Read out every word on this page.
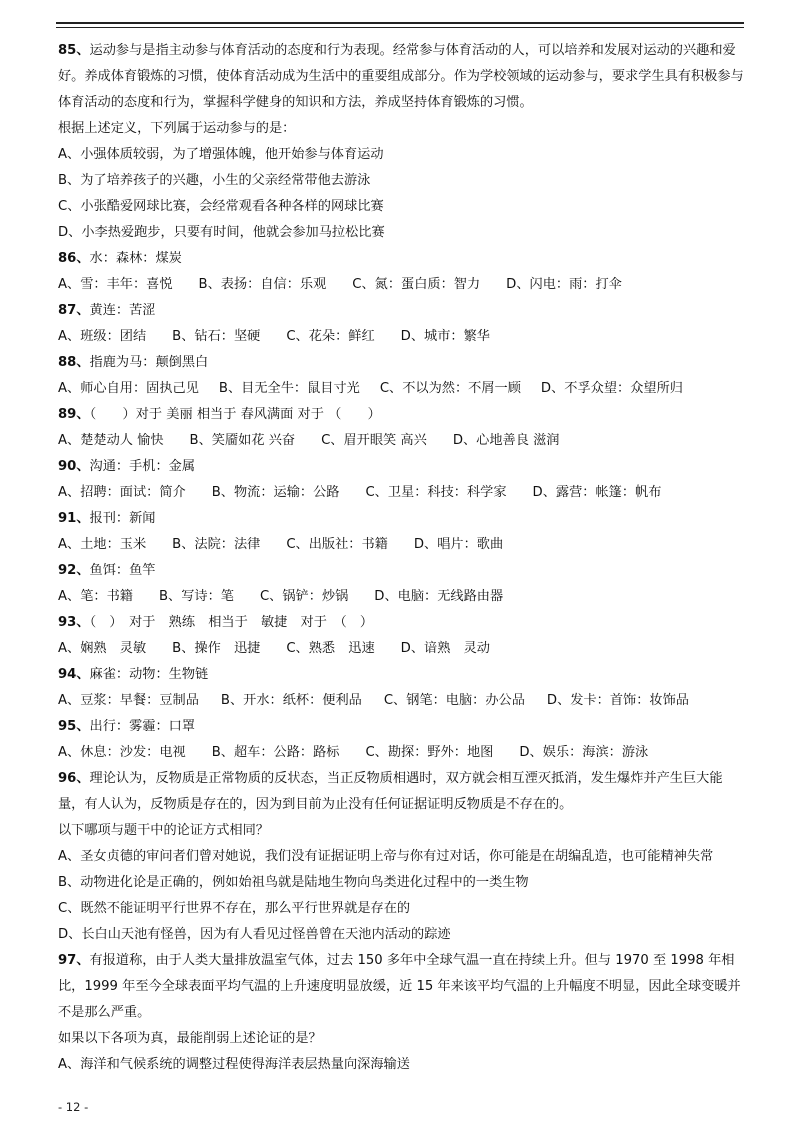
85、运动参与是指主动参与体育活动的态度和行为表现。经常参与体育活动的人，可以培养和发展对运动的兴趣和爱好。养成体育锻炼的习惯，使体育活动成为生活中的重要组成部分。作为学校领域的运动参与，要求学生具有积极参与体育活动的态度和行为，掌握科学健身的知识和方法，养成坚持体育锻炼的习惯。
根据上述定义，下列属于运动参与的是：
A、小强体质较弱，为了增强体魄，他开始参与体育运动
B、为了培养孩子的兴趣，小生的父亲经常带他去游泳
C、小张酷爱网球比赛，会经常观看各种各样的网球比赛
D、小李热爱跑步，只要有时间，他就会参加马拉松比赛
86、水：森林：煤炭
A、雪：丰年：喜悦 B、表扬：自信：乐观 C、氮：蛋白质：智力 D、闪电：雨：打伞
87、黄连：苦涩
A、班级：团结 B、钻石：坚硬 C、花朵：鲜红 D、城市：繁华
88、指鹿为马：颠倒黑白
A、师心自用：固执己见 B、目无全牛：鼠目寸光 C、不以为然：不屑一顾 D、不孚众望：众望所归
89、（　　）对于 美丽 相当于 春风满面 对于 （　　）
A、楚楚动人 愉快 B、笑靥如花 兴奋 C、眉开眼笑 高兴 D、心地善良 滋润
90、沟通：手机：金属
A、招聘：面试：简介 B、物流：运输：公路 C、卫星：科技：科学家 D、露营：帐篷：帆布
91、报刊：新闻
A、土地：玉米 B、法院：法律 C、出版社：书籍 D、唱片：歌曲
92、鱼饵：鱼竿
A、笔：书籍 B、写诗：笔 C、锅铲：炒锅 D、电脑：无线路由器
93、（　）　对于　熟练　相当于　敏捷　对于　（　）
A、娴熟　灵敏 B、操作　迅捷 C、熟悉　迅速 D、谙熟　灵动
94、麻雀：动物：生物链
A、豆浆：早餐：豆制品 B、开水：纸杯：便利品 C、钢笔：电脑：办公品 D、发卡：首饰：妆饰品
95、出行：雾霾：口罩
A、休息：沙发：电视 B、超车：公路：路标 C、勘探：野外：地图 D、娱乐：海滨：游泳
96、理论认为，反物质是正常物质的反状态，当正反物质相遇时，双方就会相互湮灭抵消，发生爆炸并产生巨大能量，有人认为，反物质是存在的，因为到目前为止没有任何证据证明反物质是不存在的。
以下哪项与题干中的论证方式相同？
A、圣女贞德的审问者们曾对她说，我们没有证据证明上帝与你有过对话，你可能是在胡编乱造，也可能精神失常
B、动物进化论是正确的，例如始祖鸟就是陆地生物向鸟类进化过程中的一类生物
C、既然不能证明平行世界不存在，那么平行世界就是存在的
D、长白山天池有怪兽，因为有人看见过怪兽曾在天池内活动的踪迹
97、有报道称，由于人类大量排放温室气体，过去 150 多年中全球气温一直在持续上升。但与 1970 至 1998 年相比，1999 年至今全球表面平均气温的上升速度明显放缓，近 15 年来该平均气温的上升幅度不明显，因此全球变暖并不是那么严重。
如果以下各项为真，最能削弱上述论证的是？
A、海洋和气候系统的调整过程使得海洋表层热量向深海输送
- 12 -
